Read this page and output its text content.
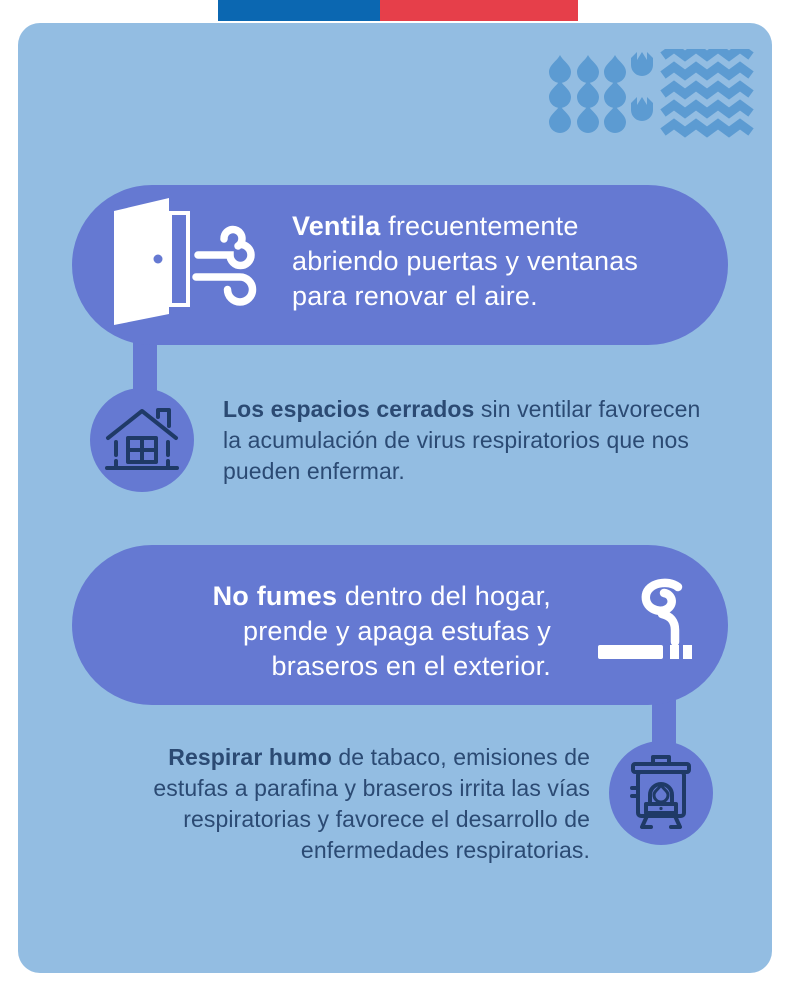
Ventila frecuentemente
abriendo puertas y ventanas
para renovar el aire.
Los espacios cerrados sin ventilar favorecen
la acumulación de virus respiratorios que nos
pueden enfermar.
No fumes dentro del hogar,
prende y apaga estufas y
braseros en el exterior.
Respirar humo de tabaco, emisiones de
estufas a parafina y braseros irrita las vías
respiratorias y favorece el desarrollo de
enfermedades respiratorias.
